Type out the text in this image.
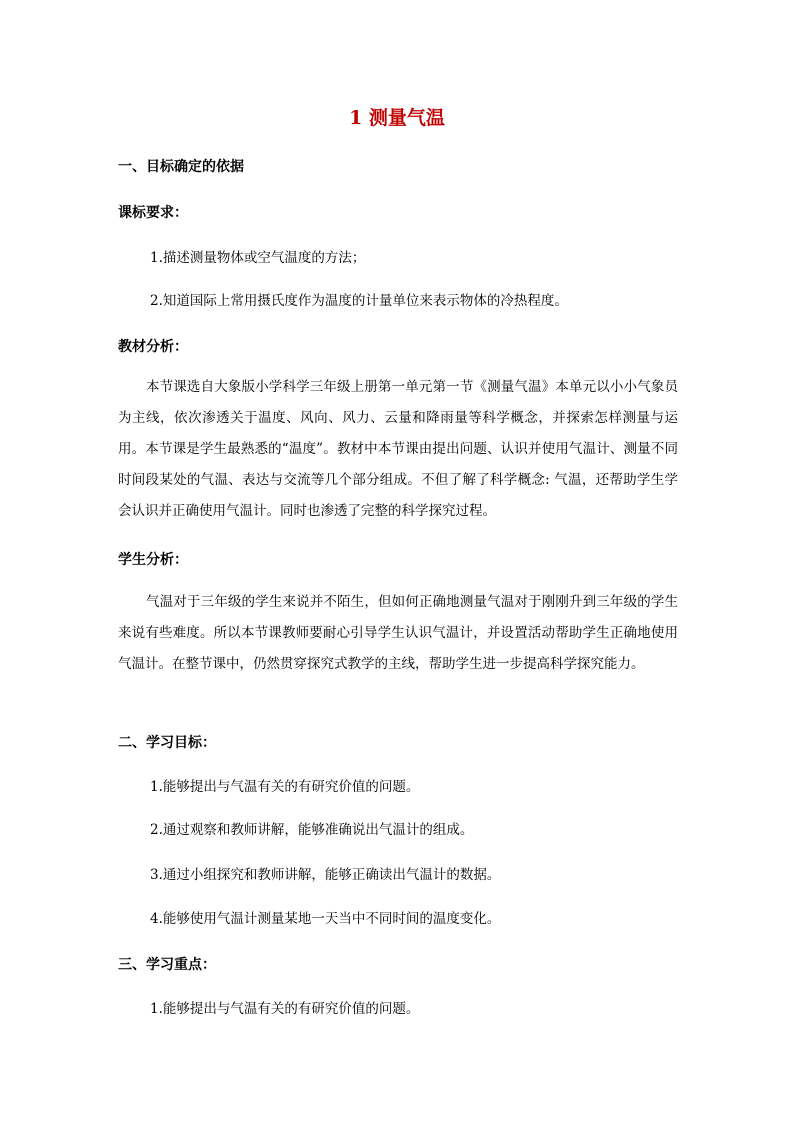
1 测量气温
一、目标确定的依据
课标要求：
1.描述测量物体或空气温度的方法；
2.知道国际上常用摄氏度作为温度的计量单位来表示物体的冷热程度。
教材分析：

本节课选自大象版小学科学三年级上册第一单元第一节《测量气温》本单元以小小气象员为主线，依次渗透关于温度、风向、风力、云量和降雨量等科学概念，并探索怎样测量与运用。本节课是学生最熟悉的“温度”。教材中本节课由提出问题、认识并使用气温计、测量不同时间段某处的气温、表达与交流等几个部分组成。不但了解了科学概念: 气温，还帮助学生学会认识并正确使用气温计。同时也渗透了完整的科学探究过程。

学生分析：

气温对于三年级的学生来说并不陌生，但如何正确地测量气温对于刚刚升到三年级的学生来说有些难度。所以本节课教师要耐心引导学生认识气温计，并设置活动帮助学生正确地使用气温计。在整节课中，仍然贯穿探究式教学的主线，帮助学生进一步提高科学探究能力。

二、学习目标：
1.能够提出与气温有关的有研究价值的问题。
2.通过观察和教师讲解，能够准确说出气温计的组成。
3.通过小组探究和教师讲解，能够正确读出气温计的数据。
4.能够使用气温计测量某地一天当中不同时间的温度变化。
三、学习重点：
1.能够提出与气温有关的有研究价值的问题。
